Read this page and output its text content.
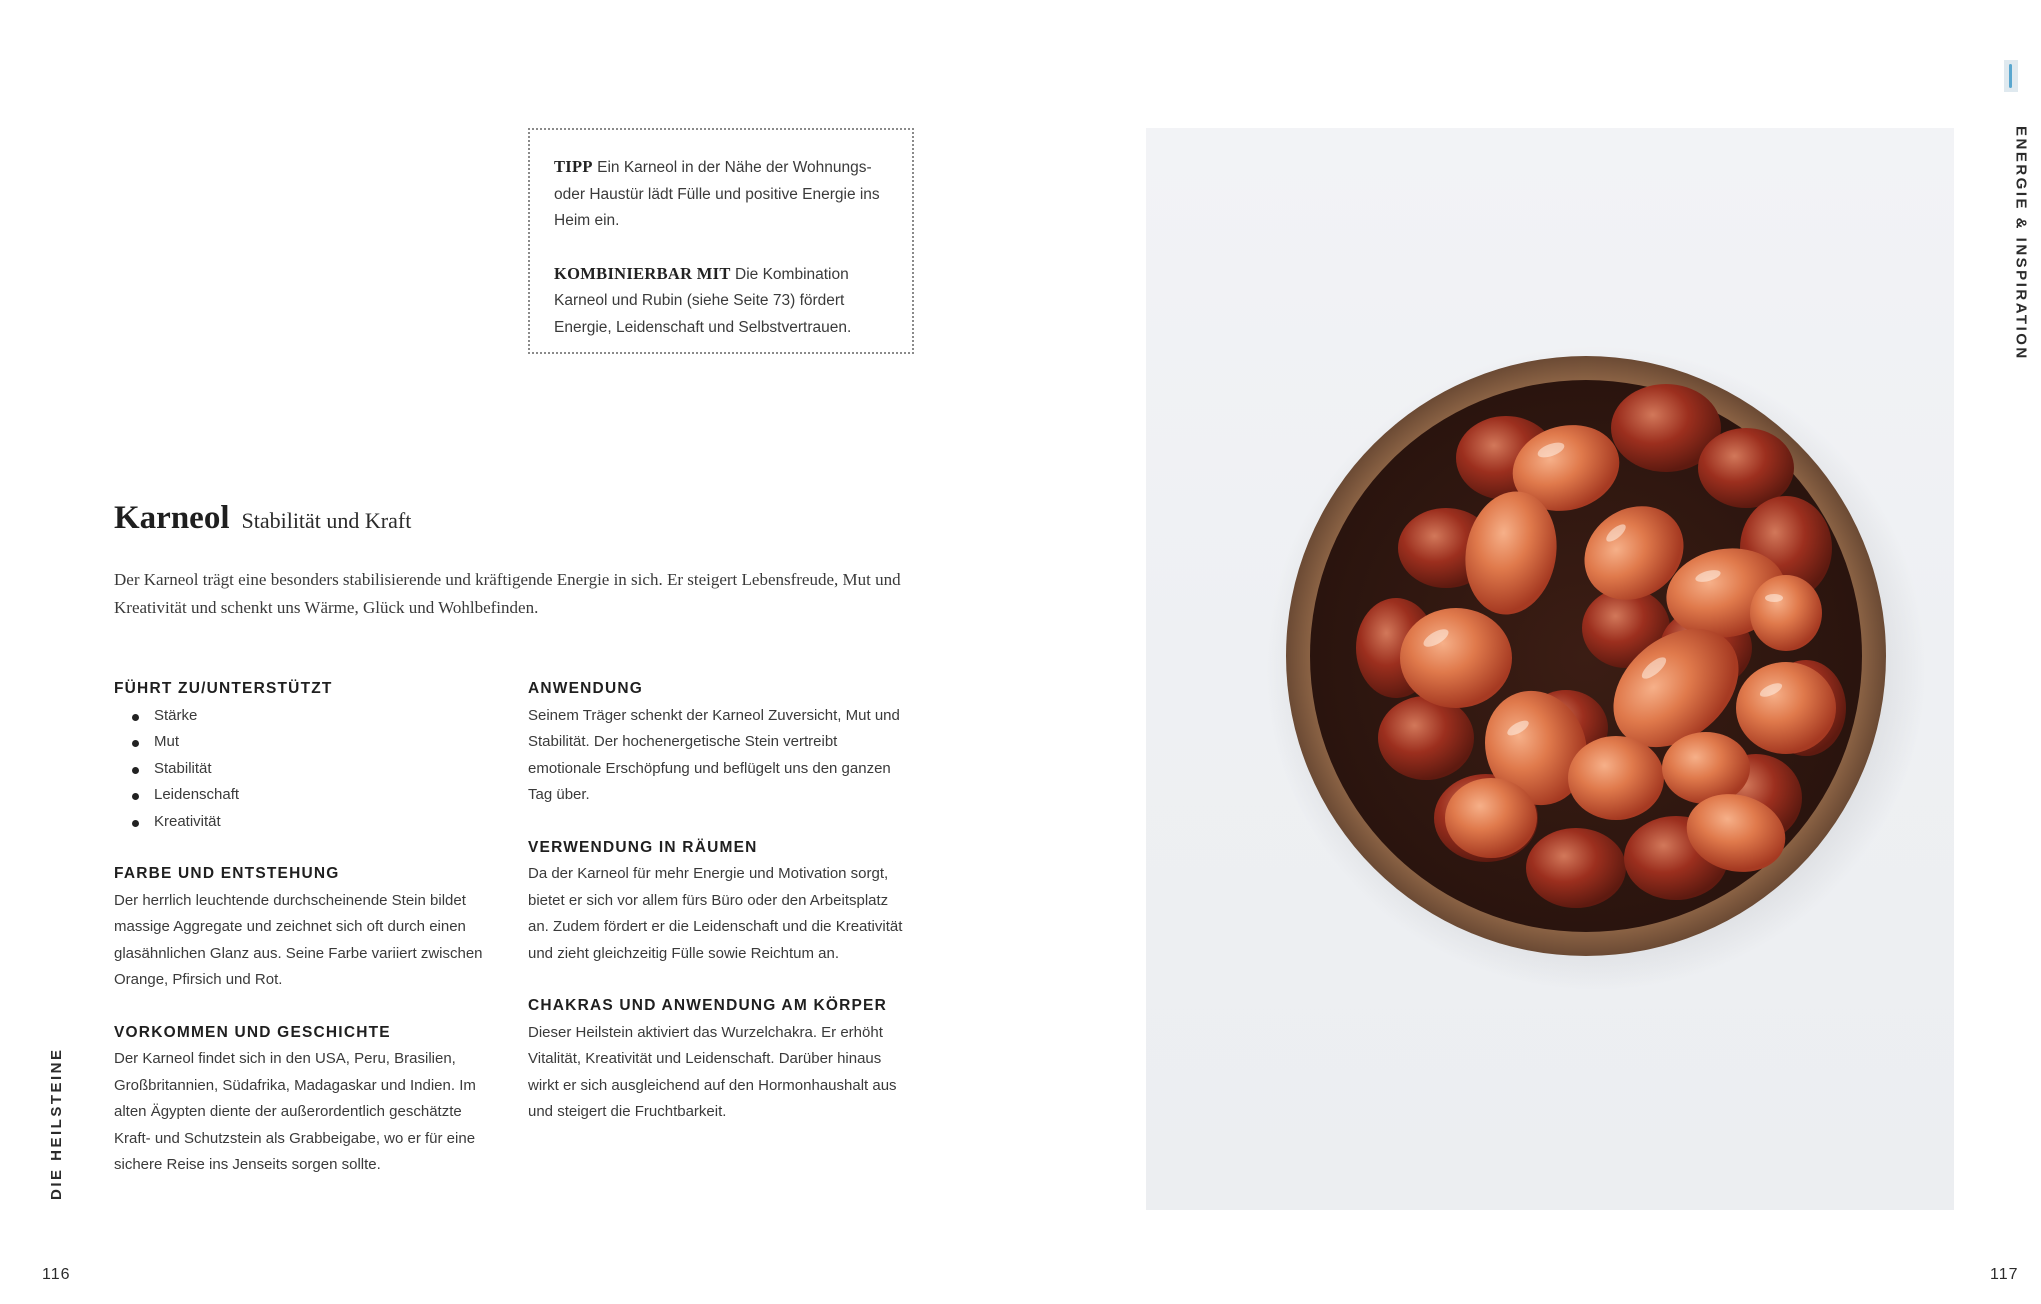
TIPP Ein Karneol in der Nähe der Wohnungs- oder Haustür lädt Fülle und positive Energie ins Heim ein.

KOMBINIERBAR MIT Die Kombination Karneol und Rubin (siehe Seite 73) fördert Energie, Leidenschaft und Selbstvertrauen.

Karneol Stabilität und Kraft
Der Karneol trägt eine besonders stabilisierende und kräftigende Energie in sich. Er steigert Lebensfreude, Mut und Kreativität und schenkt uns Wärme, Glück und Wohlbefinden.

FÜHRT ZU/UNTERSTÜTZT

Stärke
Mut
Stabilität
Leidenschaft
Kreativität

FARBE UND ENTSTEHUNG

Der herrlich leuchtende durchscheinende Stein bildet massige Aggregate und zeichnet sich oft durch einen glasähnlichen Glanz aus. Seine Farbe variiert zwischen Orange, Pfirsich und Rot.

VORKOMMEN UND GESCHICHTE

Der Karneol findet sich in den USA, Peru, Brasilien, Großbritannien, Südafrika, Madagaskar und Indien. Im alten Ägypten diente der außerordentlich geschätzte Kraft- und Schutzstein als Grabbeigabe, wo er für eine sichere Reise ins Jenseits sorgen sollte.

ANWENDUNG

Seinem Träger schenkt der Karneol Zuversicht, Mut und Stabilität. Der hochenergetische Stein vertreibt emotionale Erschöpfung und beflügelt uns den ganzen Tag über.

VERWENDUNG IN RÄUMEN

Da der Karneol für mehr Energie und Motivation sorgt, bietet er sich vor allem fürs Büro oder den Arbeitsplatz an. Zudem fördert er die Leidenschaft und die Kreativität und zieht gleichzeitig Fülle sowie Reichtum an.

CHAKRAS UND ANWENDUNG AM KÖRPER

Dieser Heilstein aktiviert das Wurzelchakra. Er erhöht Vitalität, Kreativität und Leidenschaft. Darüber hinaus wirkt er sich ausgleichend auf den Hormonhaushalt aus und steigert die Fruchtbarkeit.

ENERGIE & INSPIRATION
DIE HEILSTEINE
116	117
